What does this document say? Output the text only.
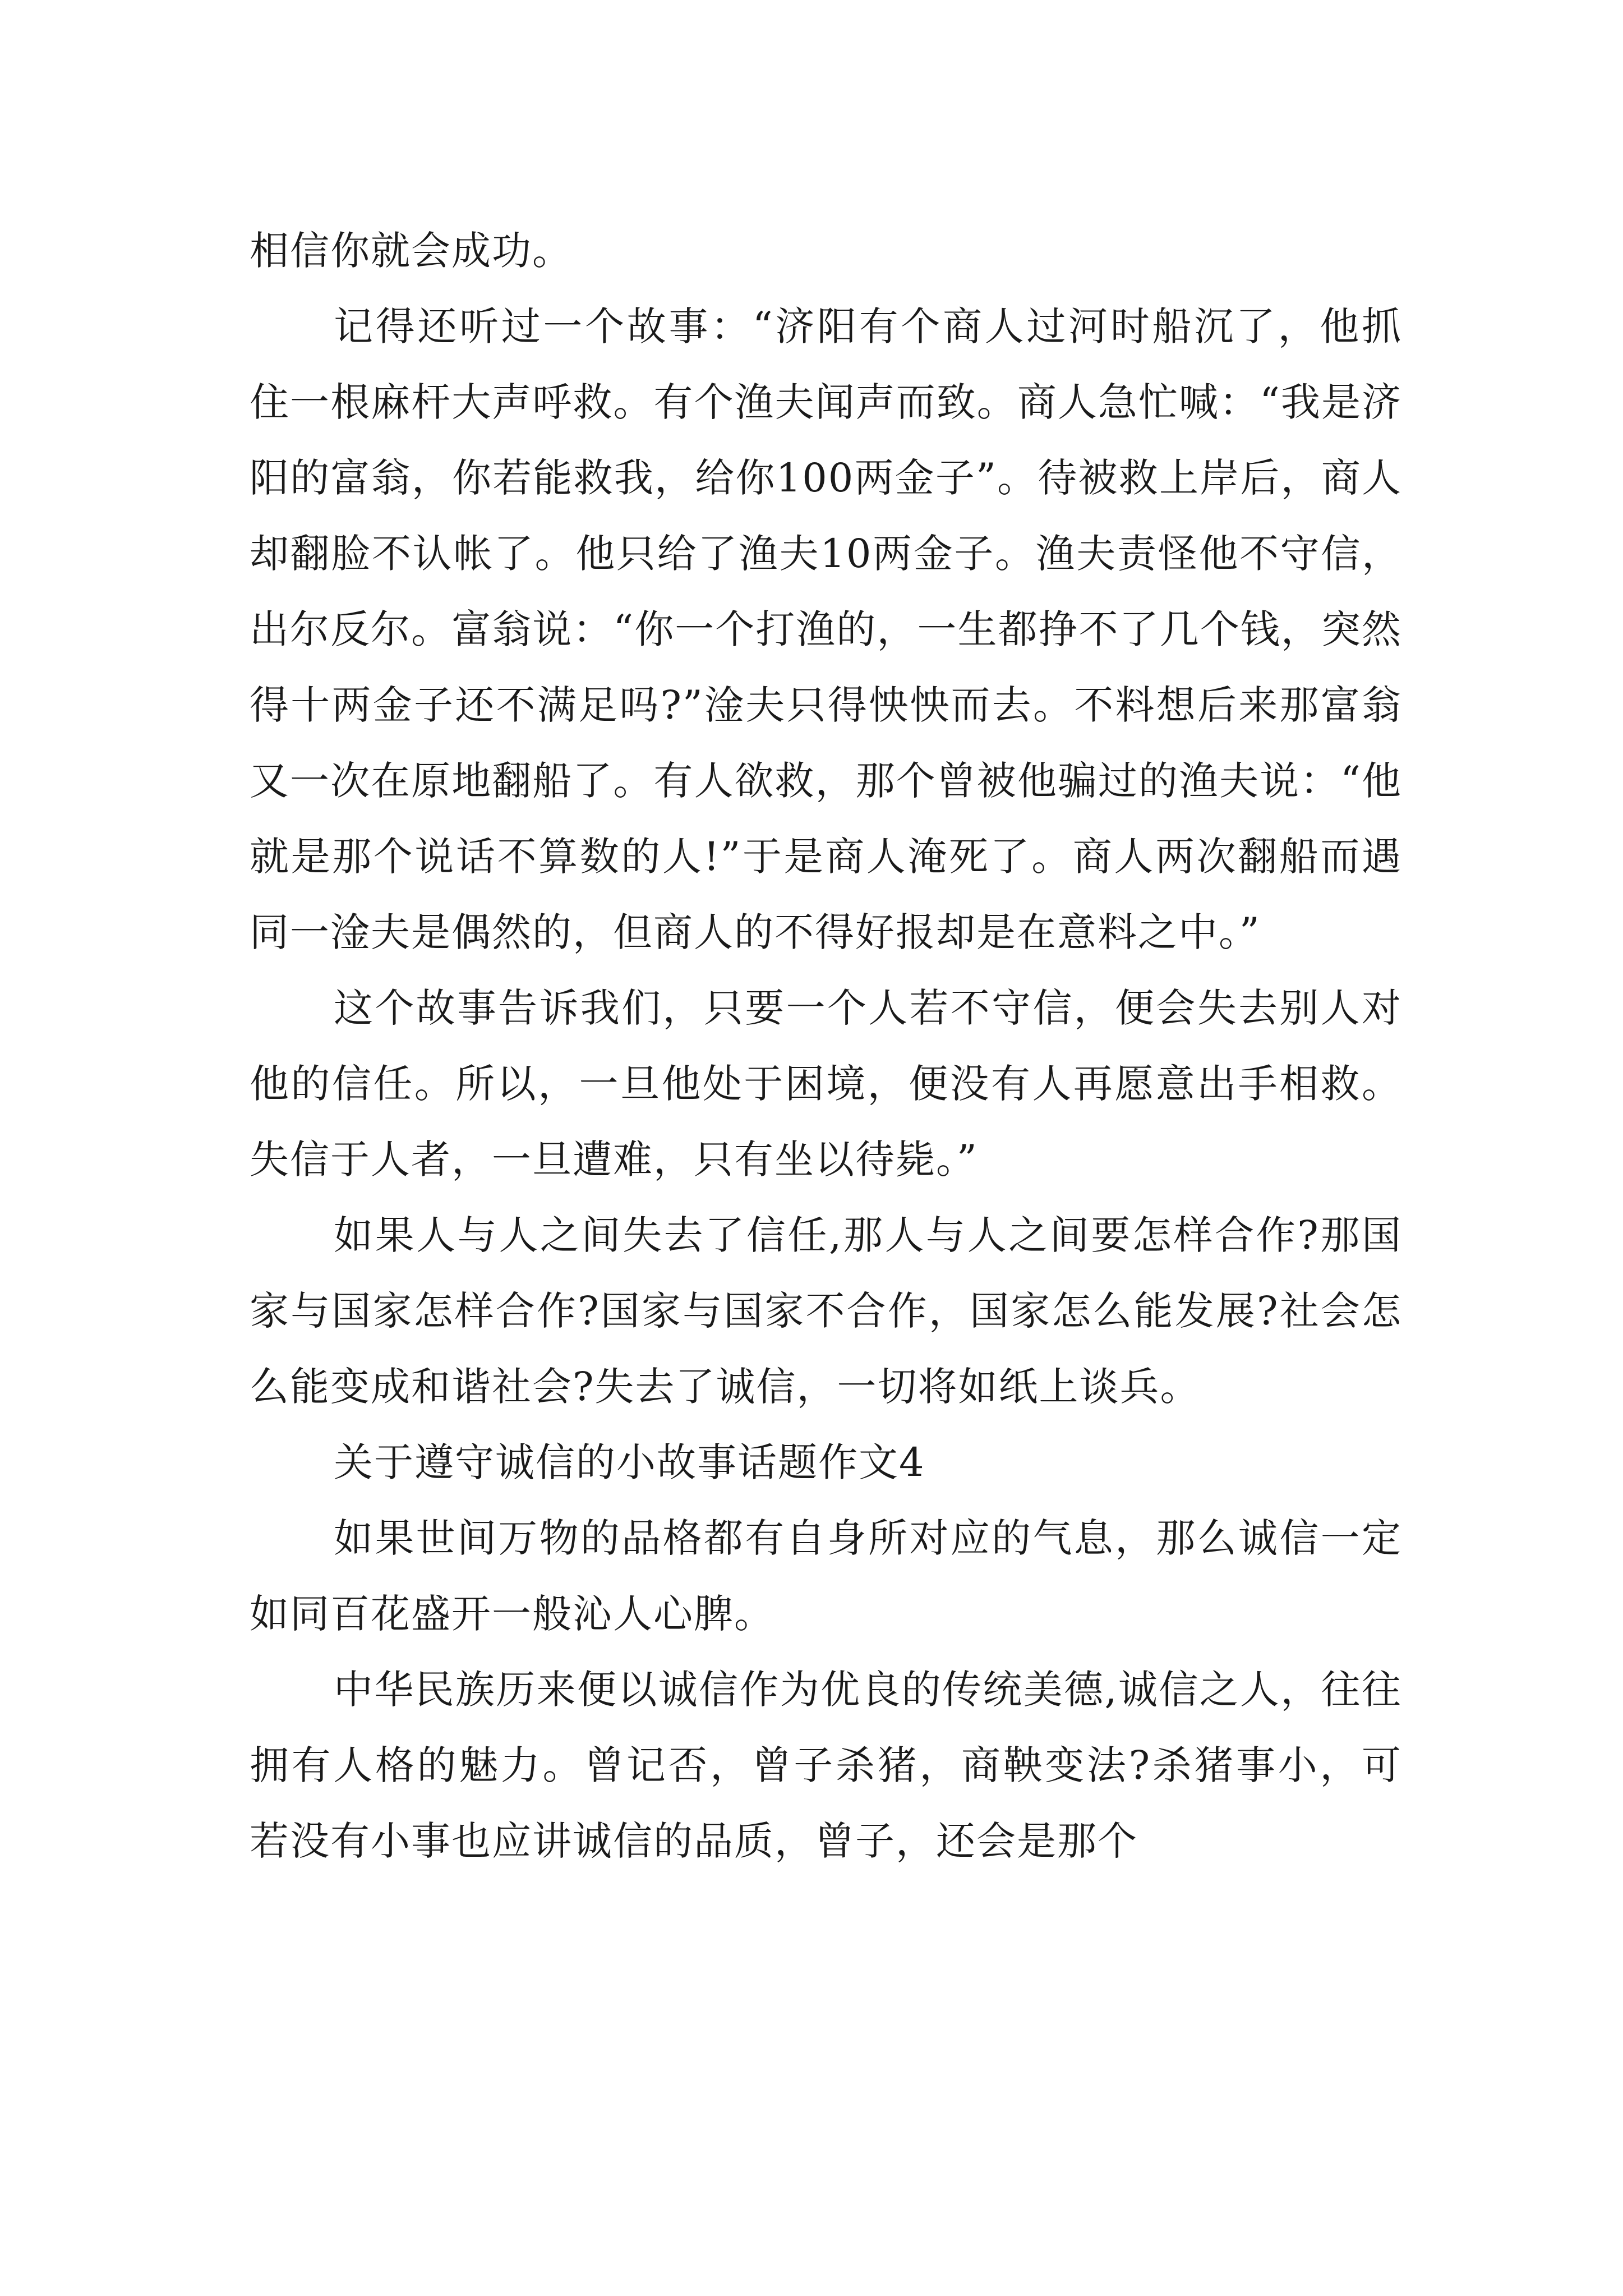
相信你就会成功。

记得还听过一个故事：“济阳有个商人过河时船沉了，他抓住一根麻杆大声呼救。有个渔夫闻声而致。商人急忙喊：“我是济阳的富翁，你若能救我，给你100两金子”。待被救上岸后，商人却翻脸不认帐了。他只给了渔夫10两金子。渔夫责怪他不守信，出尔反尔。富翁说：“你一个打渔的，一生都挣不了几个钱，突然得十两金子还不满足吗?”淦夫只得怏怏而去。不料想后来那富翁又一次在原地翻船了。有人欲救，那个曾被他骗过的渔夫说：“他就是那个说话不算数的人!”于是商人淹死了。商人两次翻船而遇同一淦夫是偶然的，但商人的不得好报却是在意料之中。”

这个故事告诉我们，只要一个人若不守信，便会失去别人对他的信任。所以，一旦他处于困境，便没有人再愿意出手相救。失信于人者，一旦遭难，只有坐以待毙。”

如果人与人之间失去了信任,那人与人之间要怎样合作?那国家与国家怎样合作?国家与国家不合作，国家怎么能发展?社会怎么能变成和谐社会?失去了诚信，一切将如纸上谈兵。

关于遵守诚信的小故事话题作文4

如果世间万物的品格都有自身所对应的气息，那么诚信一定如同百花盛开一般沁人心脾。

中华民族历来便以诚信作为优良的传统美德,诚信之人，往往拥有人格的魅力。曾记否，曾子杀猪，商鞅变法?杀猪事小，可若没有小事也应讲诚信的品质，曾子，还会是那个
